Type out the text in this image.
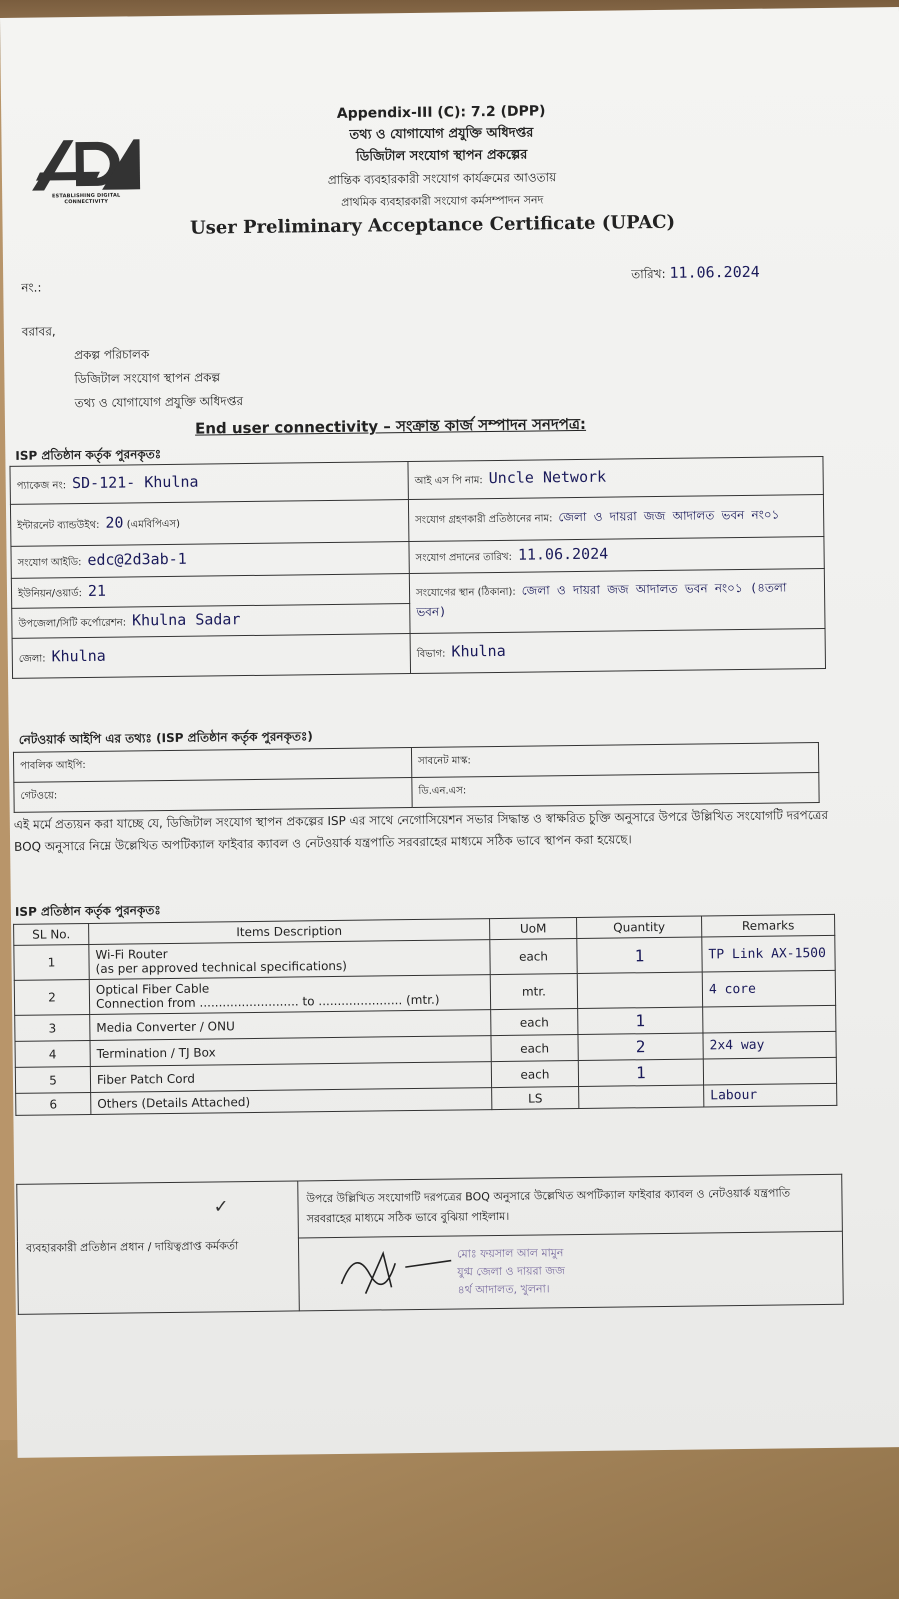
ESTABLISHING DIGITAL CONNECTIVITY
Appendix-III (C): 7.2 (DPP)
তথ্য ও যোগাযোগ প্রযুক্তি অধিদপ্তর
ডিজিটাল সংযোগ স্থাপন প্রকল্পের
প্রান্তিক ব্যবহারকারী সংযোগ কার্যক্রমের আওতায়
প্রাথমিক ব্যবহারকারী সংযোগ কর্মসম্পাদন সনদ
User Preliminary Acceptance Certificate (UPAC)
নং.:
তারিখ: 11.06.2024
বরাবর,
প্রকল্প পরিচালক
ডিজিটাল সংযোগ স্থাপন প্রকল্প
তথ্য ও যোগাযোগ প্রযুক্তি অধিদপ্তর
End user connectivity – সংক্রান্ত কার্জ সম্পাদন সনদপত্র:
ISP প্রতিষ্ঠান কর্তৃক পুরনকৃতঃ
প্যাকেজ নং: SD-121- Khulna	আই এস পি নাম: Uncle Network
ইন্টারনেট ব্যান্ডউইথ: 20 (এমবিপিএস)	সংযোগ গ্রহণকারী প্রতিষ্ঠানের নাম: জেলা ও দায়রা জজ আদালত ভবন নং০১
সংযোগ আইডি: edc@2d3ab-1	সংযোগ প্রদানের তারিখ: 11.06.2024
ইউনিয়ন/ওয়ার্ড: 21	সংযোগের স্থান (ঠিকানা): জেলা ও দায়রা জজ আদালত ভবন নং০১ (৪তলা ভবন)
উপজেলা/সিটি কর্পোরেশন: Khulna Sadar	
জেলা: Khulna	বিভাগ: Khulna
নেটওয়ার্ক আইপি এর তথ্যঃ (ISP প্রতিষ্ঠান কর্তৃক পুরনকৃতঃ)
পাবলিক আইপি:	সাবনেট মাস্ক:
গেটওয়ে:	ডি.এন.এস:
এই মর্মে প্রত্যয়ন করা যাচ্ছে যে, ডিজিটাল সংযোগ স্থাপন প্রকল্পের ISP এর সাথে নেগোসিয়েশন সভার সিদ্ধান্ত ও স্বাক্ষরিত চুক্তি অনুসারে উপরে উল্লিখিত সংযোগটি দরপত্রের BOQ অনুসারে নিম্নে উল্লেখিত অপটিক্যাল ফাইবার ক্যাবল ও নেটওয়ার্ক যন্ত্রপাতি সরবরাহের মাধ্যমে সঠিক ভাবে স্থাপন করা হয়েছে।
ISP প্রতিষ্ঠান কর্তৃক পুরনকৃতঃ
SL No.	Items Description	UoM	Quantity	Remarks
1	Wi-Fi Router
(as per approved technical specifications)	each	1	TP Link AX-1500
2	Optical Fiber Cable
Connection from .......................... to ...................... (mtr.)	mtr.		4 core
3	Media Converter / ONU	each	1	
4	Termination / TJ Box	each	2	2x4 way
5	Fiber Patch Cord	each	1	
6	Others (Details Attached)	LS		Labour
✓
ব্যবহারকারী প্রতিষ্ঠান প্রধান / দায়িত্বপ্রাপ্ত কর্মকর্তা	উপরে উল্লিখিত সংযোগটি দরপত্রের BOQ অনুসারে উল্লেখিত অপটিক্যাল ফাইবার ক্যাবল ও নেটওয়ার্ক যন্ত্রপাতি সরবরাহের মাধ্যমে সঠিক ভাবে বুঝিয়া পাইলাম।

মোঃ ফয়সাল আল মামুন
যুগ্ম জেলা ও দায়রা জজ
৪র্থ আদালত, খুলনা।
